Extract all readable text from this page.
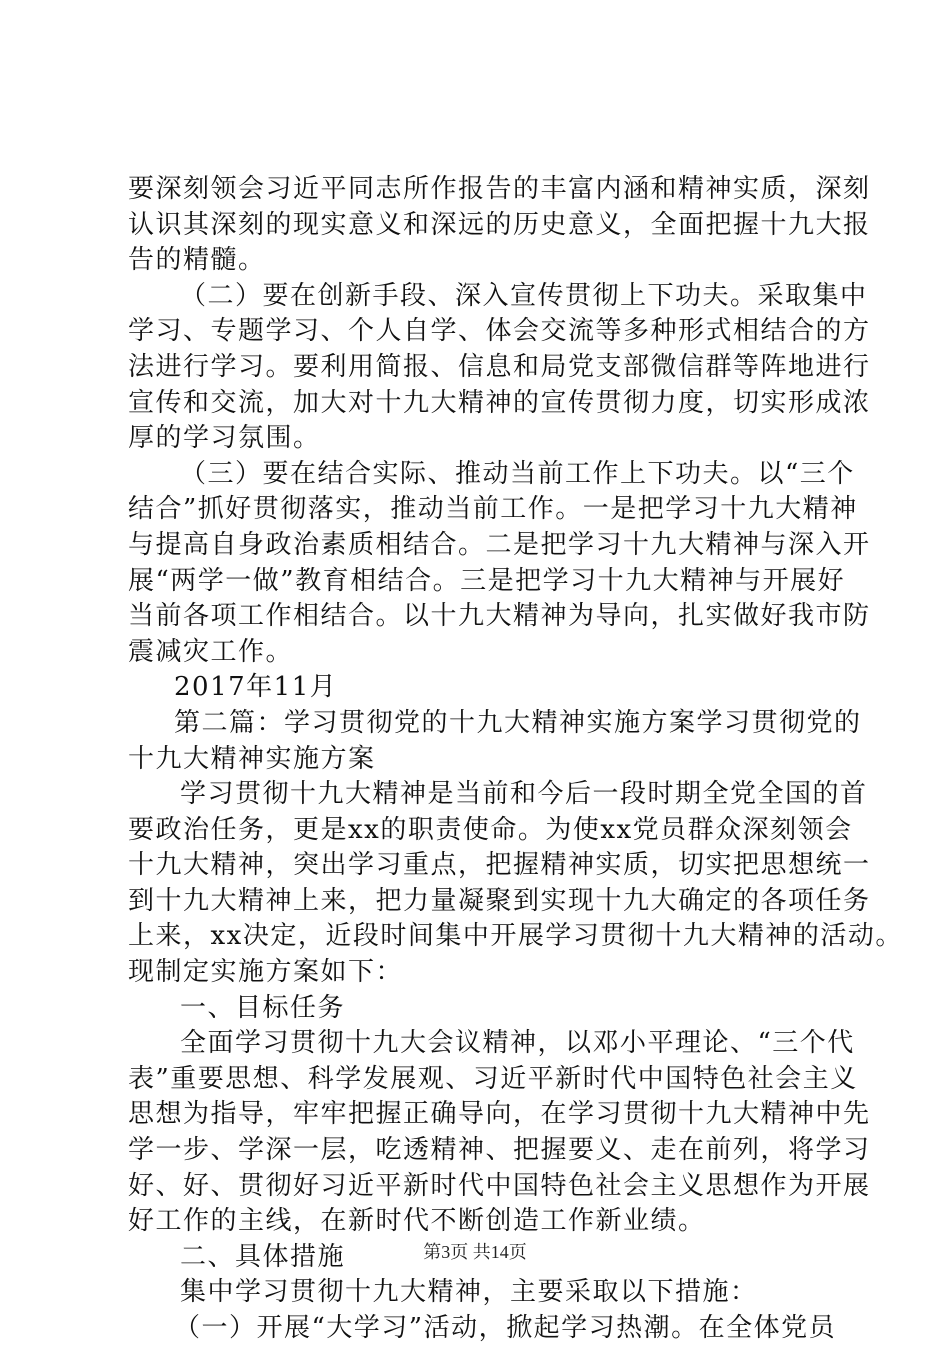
要深刻领会习近平同志所作报告的丰富内涵和精神实质，深刻
认识其深刻的现实意义和深远的历史意义，全面把握十九大报
告的精髓。
（二）要在创新手段、深入宣传贯彻上下功夫。采取集中
学习、专题学习、个人自学、体会交流等多种形式相结合的方
法进行学习。要利用简报、信息和局党支部微信群等阵地进行
宣传和交流，加大对十九大精神的宣传贯彻力度，切实形成浓
厚的学习氛围。
（三）要在结合实际、推动当前工作上下功夫。以“三个
结合”抓好贯彻落实，推动当前工作。一是把学习十九大精神
与提高自身政治素质相结合。二是把学习十九大精神与深入开
展“两学一做”教育相结合。三是把学习十九大精神与开展好
当前各项工作相结合。以十九大精神为导向，扎实做好我市防
震减灾工作。
2017年11月
第二篇：学习贯彻党的十九大精神实施方案学习贯彻党的
十九大精神实施方案
学习贯彻十九大精神是当前和今后一段时期全党全国的首
要政治任务，更是xx的职责使命。为使xx党员群众深刻领会
十九大精神，突出学习重点，把握精神实质，切实把思想统一
到十九大精神上来，把力量凝聚到实现十九大确定的各项任务
上来，xx决定，近段时间集中开展学习贯彻十九大精神的活动。
现制定实施方案如下：
一、目标任务
全面学习贯彻十九大会议精神，以邓小平理论、“三个代
表”重要思想、科学发展观、习近平新时代中国特色社会主义
思想为指导，牢牢把握正确导向，在学习贯彻十九大精神中先
学一步、学深一层，吃透精神、把握要义、走在前列，将学习
好、好、贯彻好习近平新时代中国特色社会主义思想作为开展
好工作的主线，在新时代不断创造工作新业绩。
二、具体措施
集中学习贯彻十九大精神，主要采取以下措施：
（一）开展“大学习”活动，掀起学习热潮。在全体党员
第3页 共14页
